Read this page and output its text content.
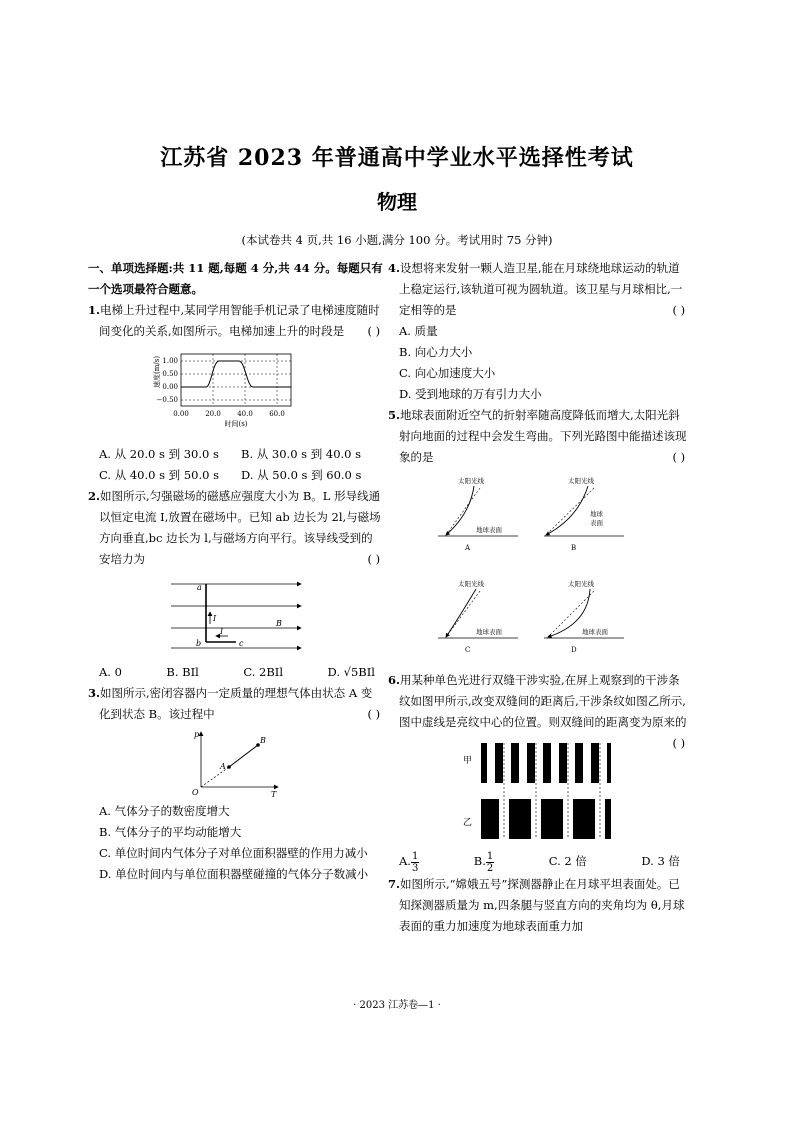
江苏省 2023 年普通高中学业水平选择性考试
物理
(本试卷共 4 页,共 16 小题,满分 100 分。考试用时 75 分钟)

一、单项选择题:共 11 题,每题 4 分,共 44 分。每题只有一个选项最符合题意。

1.电梯上升过程中,某同学用智能手机记录了电梯速度随时间变化的关系,如图所示。电梯加速上升的时段是 ( )

速度(m/s) 1.00
0.50
0.00
−0.50
0.00 20.0 40.0 60.0
时间(s)

A. 从 20.0 s 到 30.0 s	B. 从 30.0 s 到 40.0 s

C. 从 40.0 s 到 50.0 s	D. 从 50.0 s 到 60.0 s

2.如图所示,匀强磁场的磁感应强度大小为 B。L 形导线通以恒定电流 I,放置在磁场中。已知 ab 边长为 2l,与磁场方向垂直,bc 边长为 l,与磁场方向平行。该导线受到的安培力为	( )

a
b	c
I
I
B

A. 0	B. BIl	C. 2BIl	D. √5BIl

3.如图所示,密闭容器内一定质量的理想气体由状态 A 变化到状态 B。该过程中	( )

p
T
O
A
B

A. 气体分子的数密度增大

B. 气体分子的平均动能增大

C. 单位时间内气体分子对单位面积器壁的作用力减小

D. 单位时间内与单位面积器壁碰撞的气体分子数减小

4.设想将来发射一颗人造卫星,能在月球绕地球运动的轨道上稳定运行,该轨道可视为圆轨道。该卫星与月球相比,一定相等的是	( )

A. 质量

B. 向心力大小

C. 向心加速度大小

D. 受到地球的万有引力大小

5.地球表面附近空气的折射率随高度降低而增大,太阳光斜射向地面的过程中会发生弯曲。下列光路图中能描述该现象的是	( )

太阳光线
地球表面
A
太阳光线
地球
表面
B
太阳光线
地球表面
C
太阳光线
地球表面
D

6.用某种单色光进行双缝干涉实验,在屏上观察到的干涉条纹如图甲所示,改变双缝间的距离后,干涉条纹如图乙所示,图中虚线是亮纹中心的位置。则双缝间的距离变为原来的
( )

甲
乙

A. $\frac{1}{3}$	B. $\frac{1}{2}$	C. 2 倍	D. 3 倍

7.如图所示,“嫦娥五号”探测器静止在月球平坦表面处。已知探测器质量为 m,四条腿与竖直方向的夹角均为 θ,月球表面的重力加速度为地球表面重力加

· 2023 江苏卷—1 ·
